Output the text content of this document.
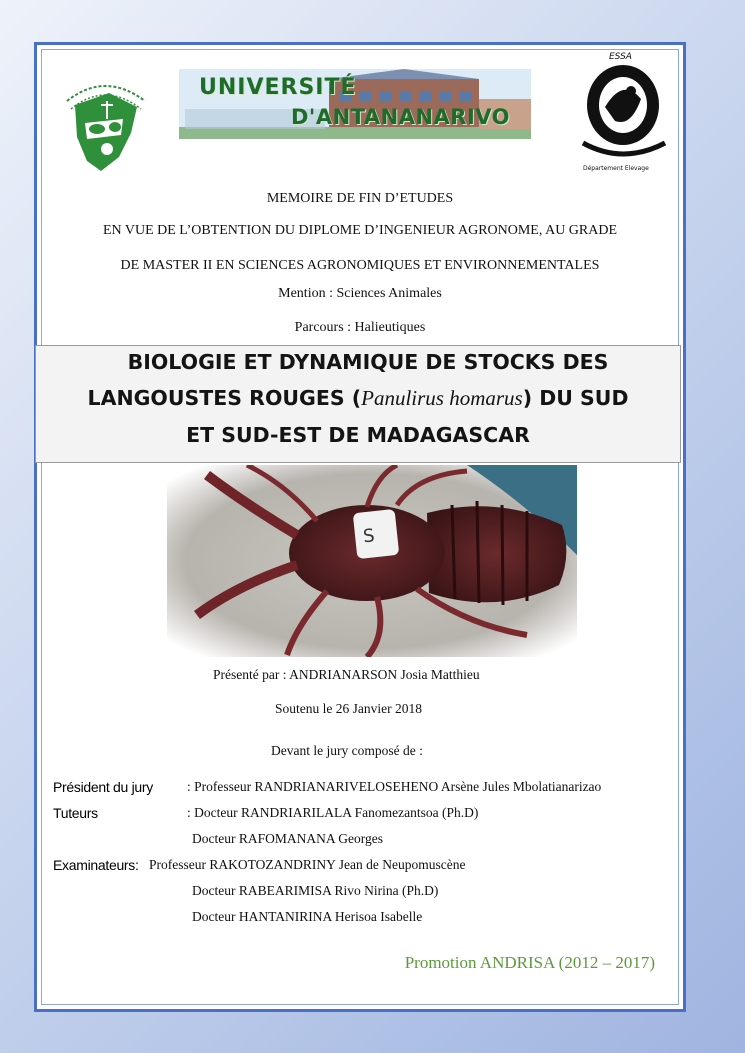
UNIVERSITÉ
D'ANTANANARIVO
ESSA
Département Elevage
MEMOIRE DE FIN D’ETUDES
EN VUE DE L’OBTENTION DU DIPLOME D’INGENIEUR AGRONOME, AU GRADE
DE MASTER II EN SCIENCES AGRONOMIQUES ET ENVIRONNEMENTALES
Mention : Sciences Animales
Parcours : Halieutiques
BIOLOGIE ET DYNAMIQUE DE STOCKS DES
LANGOUSTES ROUGES (Panulirus homarus) DU SUD
ET SUD-EST DE MADAGASCAR
S
Présenté par : ANDRIANARSON Josia Matthieu
Soutenu le 26 Janvier 2018
Devant le jury composé de :
Président du jury	: Professeur RANDRIANARIVELOSEHENO Arsène Jules Mbolatianarizao
Tuteurs	: Docteur RANDRIARILALA Fanomezantsoa (Ph.D)
Docteur RAFOMANANA Georges
Examinateurs: Professeur RAKOTOZANDRINY Jean de Neupomuscène
Docteur RABEARIMISA Rivo Nirina (Ph.D)
Docteur HANTANIRINA Herisoa Isabelle
Promotion ANDRISA (2012 – 2017)
